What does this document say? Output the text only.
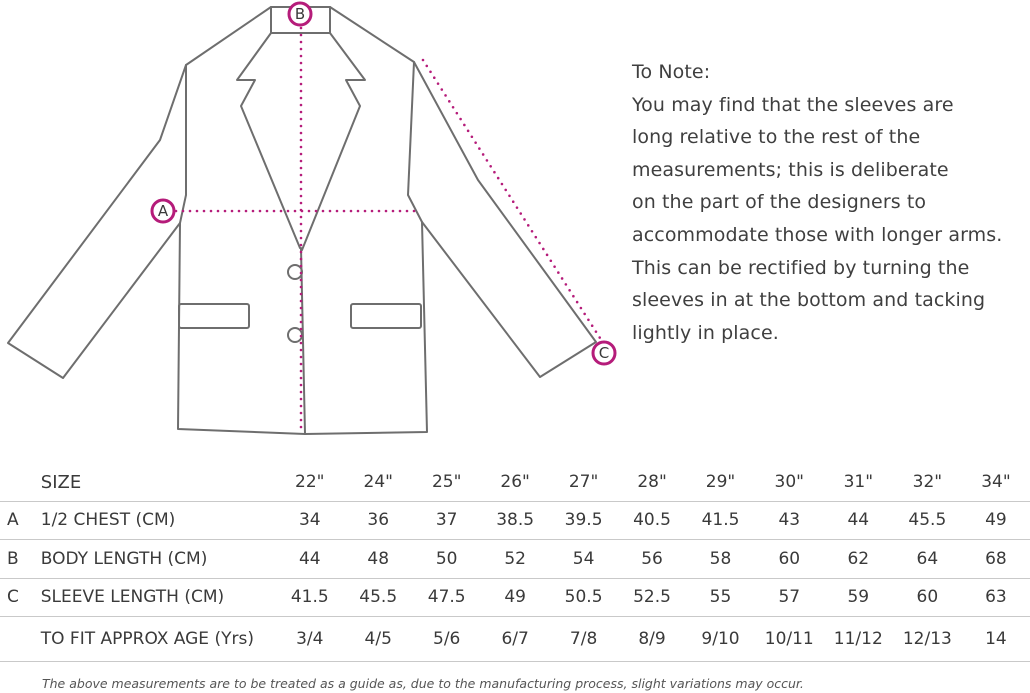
A
B
C
To Note:
You may find that the sleeves are
long relative to the rest of the
measurements; this is deliberate
on the part of the designers to
accommodate those with longer arms.
This can be rectified by turning the
sleeves in at the bottom and tacking
lightly in place.
	SIZE	22"	24"	25"	26"	27"	28"	29"	30"	31"	32"	34"
A	1/2 CHEST (CM)	34	36	37	38.5	39.5	40.5	41.5	43	44	45.5	49
B	BODY LENGTH (CM)	44	48	50	52	54	56	58	60	62	64	68
C	SLEEVE LENGTH (CM)	41.5	45.5	47.5	49	50.5	52.5	55	57	59	60	63
	TO FIT APPROX AGE (Yrs)	3/4	4/5	5/6	6/7	7/8	8/9	9/10	10/11	11/12	12/13	14
The above measurements are to be treated as a guide as, due to the manufacturing process, slight variations may occur.
